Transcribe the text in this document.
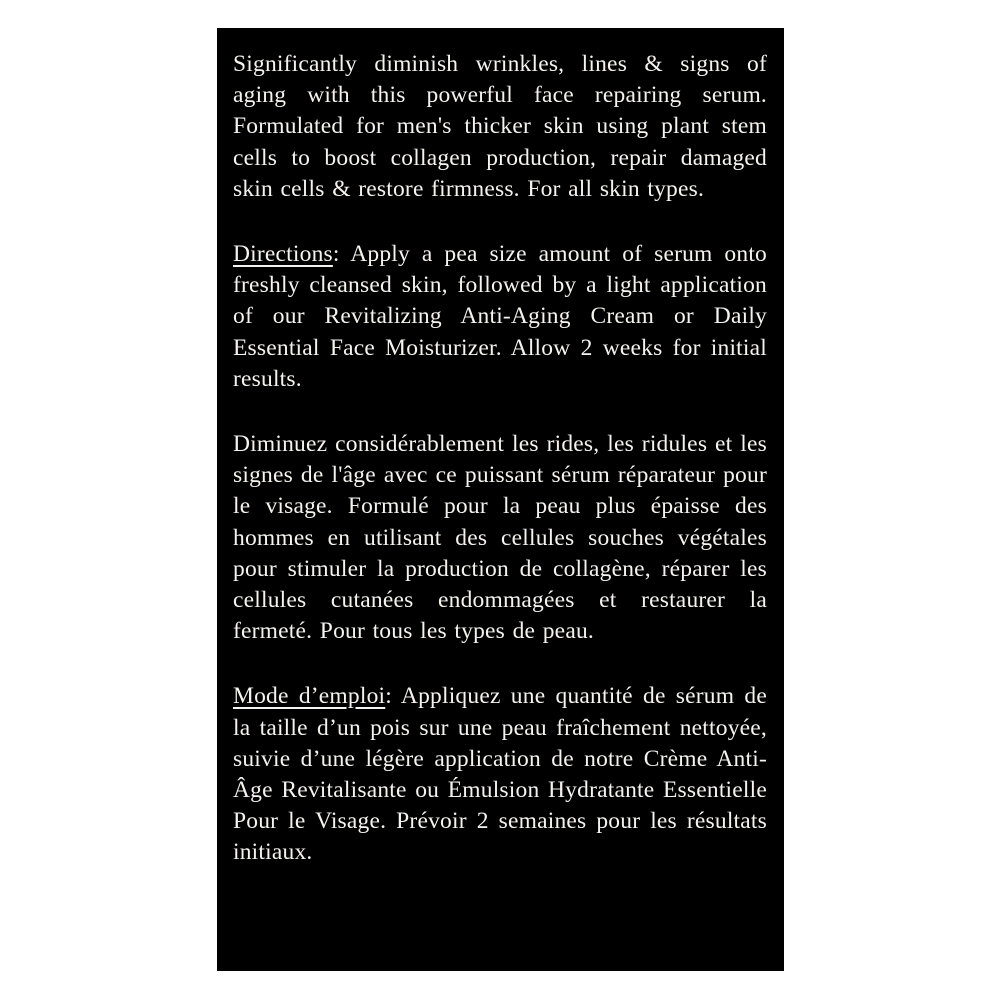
Significantly diminish wrinkles, lines & signs of aging with this powerful face repairing serum. Formulated for men's thicker skin using plant stem cells to boost collagen production, repair damaged skin cells & restore firmness. For all skin types.

Directions: Apply a pea size amount of serum onto freshly cleansed skin, followed by a light application of our Revitalizing Anti-Aging Cream or Daily Essential Face Moisturizer. Allow 2 weeks for initial results.

Diminuez considérablement les rides, les ridules et les signes de l'âge avec ce puissant sérum réparateur pour le visage. Formulé pour la peau plus épaisse des hommes en utilisant des cellules souches végétales pour stimuler la production de collagène, réparer les cellules cutanées endommagées et restaurer la fermeté. Pour tous les types de peau.

Mode d’emploi: Appliquez une quantité de sérum de la taille d’un pois sur une peau fraîchement nettoyée, suivie d’une légère application de notre Crème Anti-Âge Revitalisante ou Émulsion Hydratante Essentielle Pour le Visage. Prévoir 2 semaines pour les résultats initiaux.
